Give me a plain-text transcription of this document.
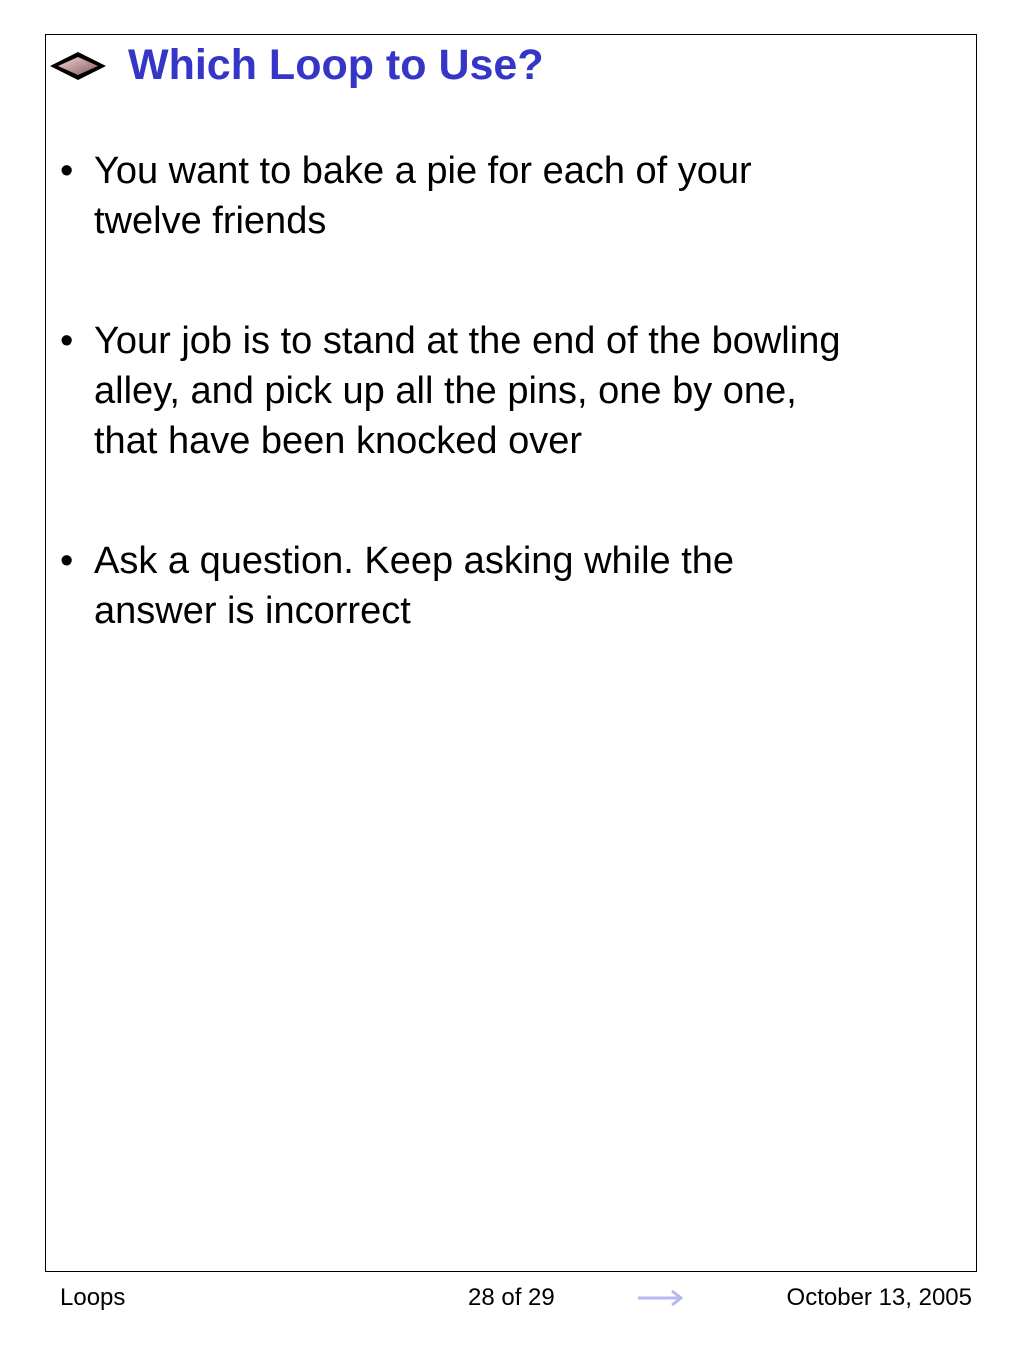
Which Loop to Use?
• You want to bake a pie for each of your
twelve friends
• Your job is to stand at the end of the bowling
alley, and pick up all the pins, one by one,
that have been knocked over
• Ask a question. Keep asking while the
answer is incorrect
Loops	28 of 29	October 13, 2005
